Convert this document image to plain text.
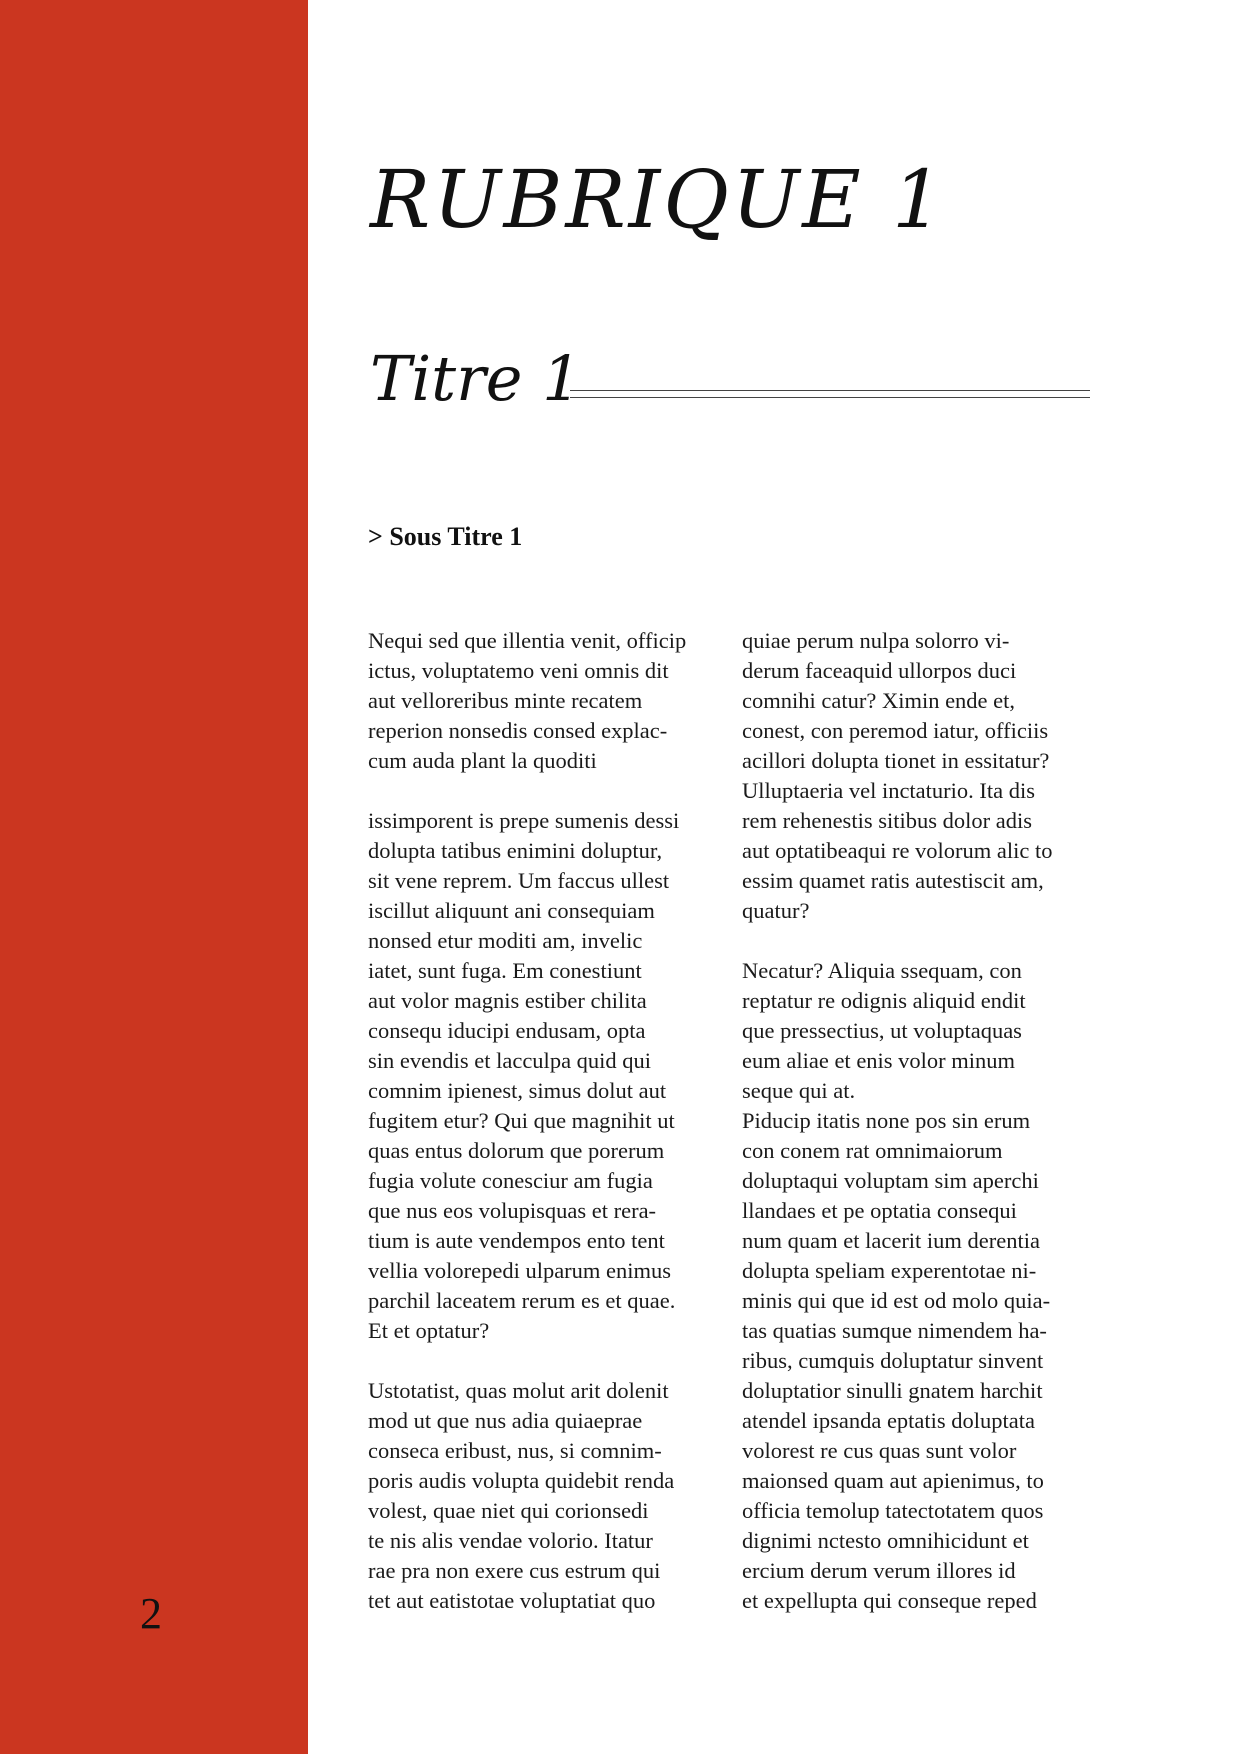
2
RUBRIQUE 1
Titre 1
> Sous Titre 1

Nequi sed que illentia venit, officip
ictus, voluptatemo veni omnis dit
aut velloreribus minte recatem
reperion nonsedis consed explac-
cum auda plant la quoditi

issimporent is prepe sumenis dessi
dolupta tatibus enimini doluptur,
sit vene reprem. Um faccus ullest
iscillut aliquunt ani consequiam
nonsed etur moditi am, invelic
iatet, sunt fuga. Em conestiunt
aut volor magnis estiber chilita
consequ iducipi endusam, opta
sin evendis et lacculpa quid qui
comnim ipienest, simus dolut aut
fugitem etur? Qui que magnihit ut
quas entus dolorum que porerum
fugia volute conesciur am fugia
que nus eos volupisquas et rera-
tium is aute vendempos ento tent
vellia volorepedi ulparum enimus
parchil laceatem rerum es et quae.
Et et optatur?

Ustotatist, quas molut arit dolenit
mod ut que nus adia quiaeprae
conseca eribust, nus, si comnim-
poris audis volupta quidebit renda
volest, quae niet qui corionsedi
te nis alis vendae volorio. Itatur
rae pra non exere cus estrum qui
tet aut eatistotae voluptatiat quo

quiae perum nulpa solorro vi-
derum faceaquid ullorpos duci
comnihi catur? Ximin ende et,
conest, con peremod iatur, officiis
acillori dolupta tionet in essitatur?
Ulluptaeria vel inctaturio. Ita dis
rem rehenestis sitibus dolor adis
aut optatibeaqui re volorum alic to
essim quamet ratis autestiscit am,
quatur?

Necatur? Aliquia ssequam, con
reptatur re odignis aliquid endit
que pressectius, ut voluptaquas
eum aliae et enis volor minum
seque qui at.

Piducip itatis none pos sin erum
con conem rat omnimaiorum
doluptaqui voluptam sim aperchi
llandaes et pe optatia consequi
num quam et lacerit ium derentia
dolupta speliam experentotae ni-
minis qui que id est od molo quia-
tas quatias sumque nimendem ha-
ribus, cumquis doluptatur sinvent
doluptatior sinulli gnatem harchit
atendel ipsanda eptatis doluptata
volorest re cus quas sunt volor
maionsed quam aut apienimus, to
officia temolup tatectotatem quos
dignimi nctesto omnihicidunt et
ercium derum verum illores id
et expellupta qui conseque reped
